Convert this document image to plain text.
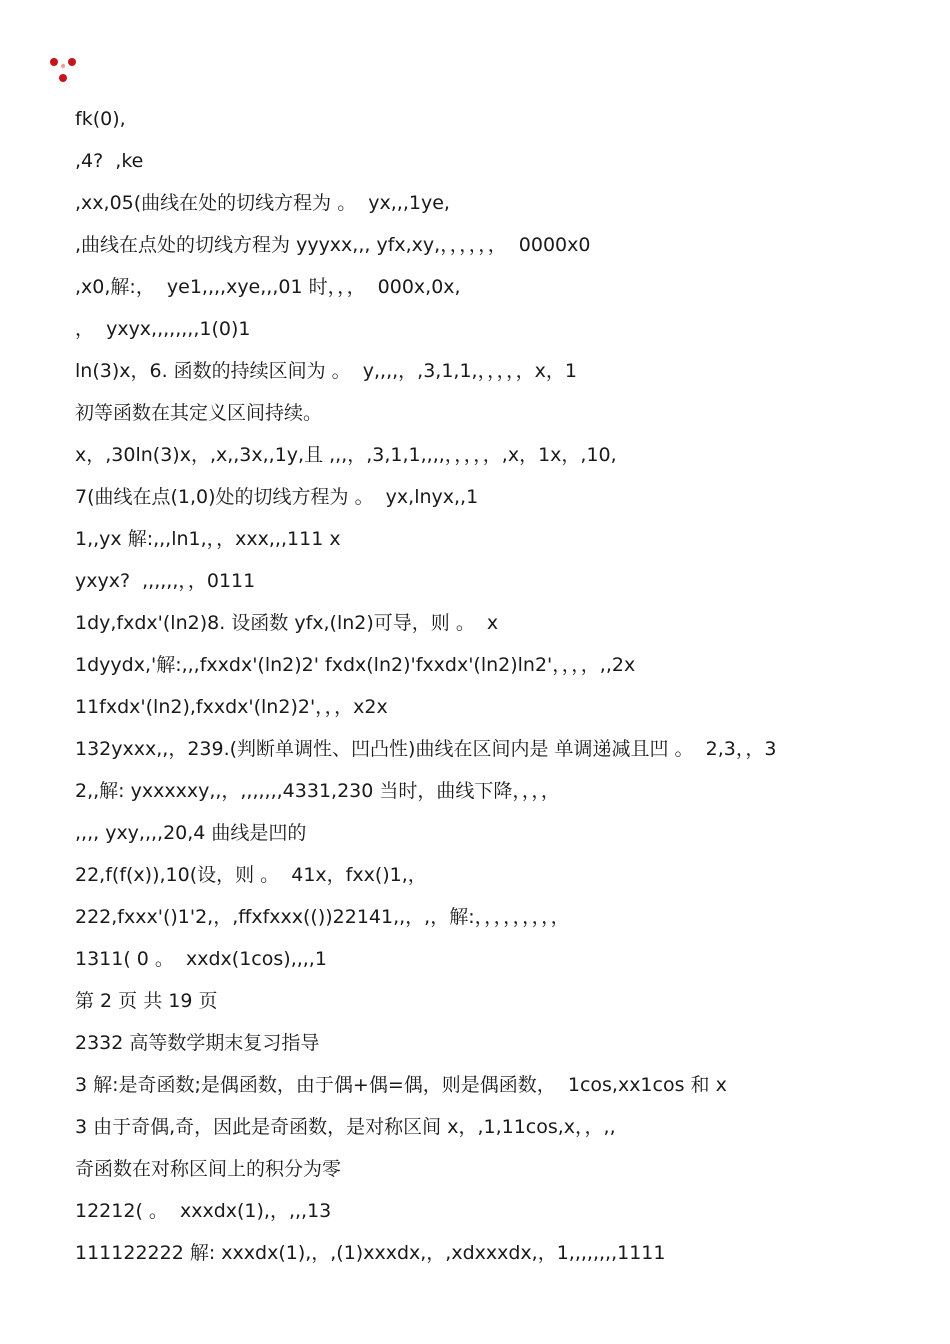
fk(0),
,4?  ,ke
,xx,05(曲线在处的切线方程为 。  yx,,,1ye,
,曲线在点处的切线方程为 yyyxx,,, yfx,xy,，，，，，，  0000x0
,x0,解:，  ye1,,,,xye,,,01 时，，，  000x,0x,
，  yxyx,,,,,,,,1(0)1
ln(3)x，6. 函数的持续区间为 。  y,,,,，,3,1,1,，，，，，x，1
初等函数在其定义区间持续。
x，,30ln(3)x，,x,,3x,,1y,且 ,,,，,3,1,1,,,,，，，，，,x，1x，,10,
7(曲线在点(1,0)处的切线方程为 。  yx,lnyx,,1
1,,yx 解:,,,ln1,，，xxx,,,111 x
yxyx?  ,,,,,,，，0111
1dy,fxdx'(ln2)8. 设函数 yfx,(ln2)可导，则 。  x
1dyydx,'解:,,,fxxdx'(ln2)2' fxdx(ln2)'fxxdx'(ln2)ln2'，，，，,,2x
11fxdx'(ln2),fxxdx'(ln2)2'，，，x2x
132yxxx,,，239.(判断单调性、凹凸性)曲线在区间内是 单调递减且凹 。  2,3，，3
2,,解: yxxxxxy,,，,,,,,,,4331,230 当时，曲线下降，，，，
,,,, yxy,,,,20,4 曲线是凹的
22,f(f(x)),10(设，则 。  41x，fxx()1,，
222,fxxx'()1'2,，,ffxfxxx(())22141,,，,，解:，，，，，，，，，
1311( 0 。  xxdx(1cos),,,,1
第 2 页 共 19 页
2332 高等数学期末复习指导
3 解:是奇函数;是偶函数，由于偶+偶=偶，则是偶函数，  1cos,xx1cos 和 x
3 由于奇偶,奇，因此是奇函数，是对称区间 x，,1,11cos,x，，,,
奇函数在对称区间上的积分为零
12212( 。  xxxdx(1),，,,,13
111122222 解: xxxdx(1),，,(1)xxxdx,，,xdxxxdx,，1,,,,,,,,1111
